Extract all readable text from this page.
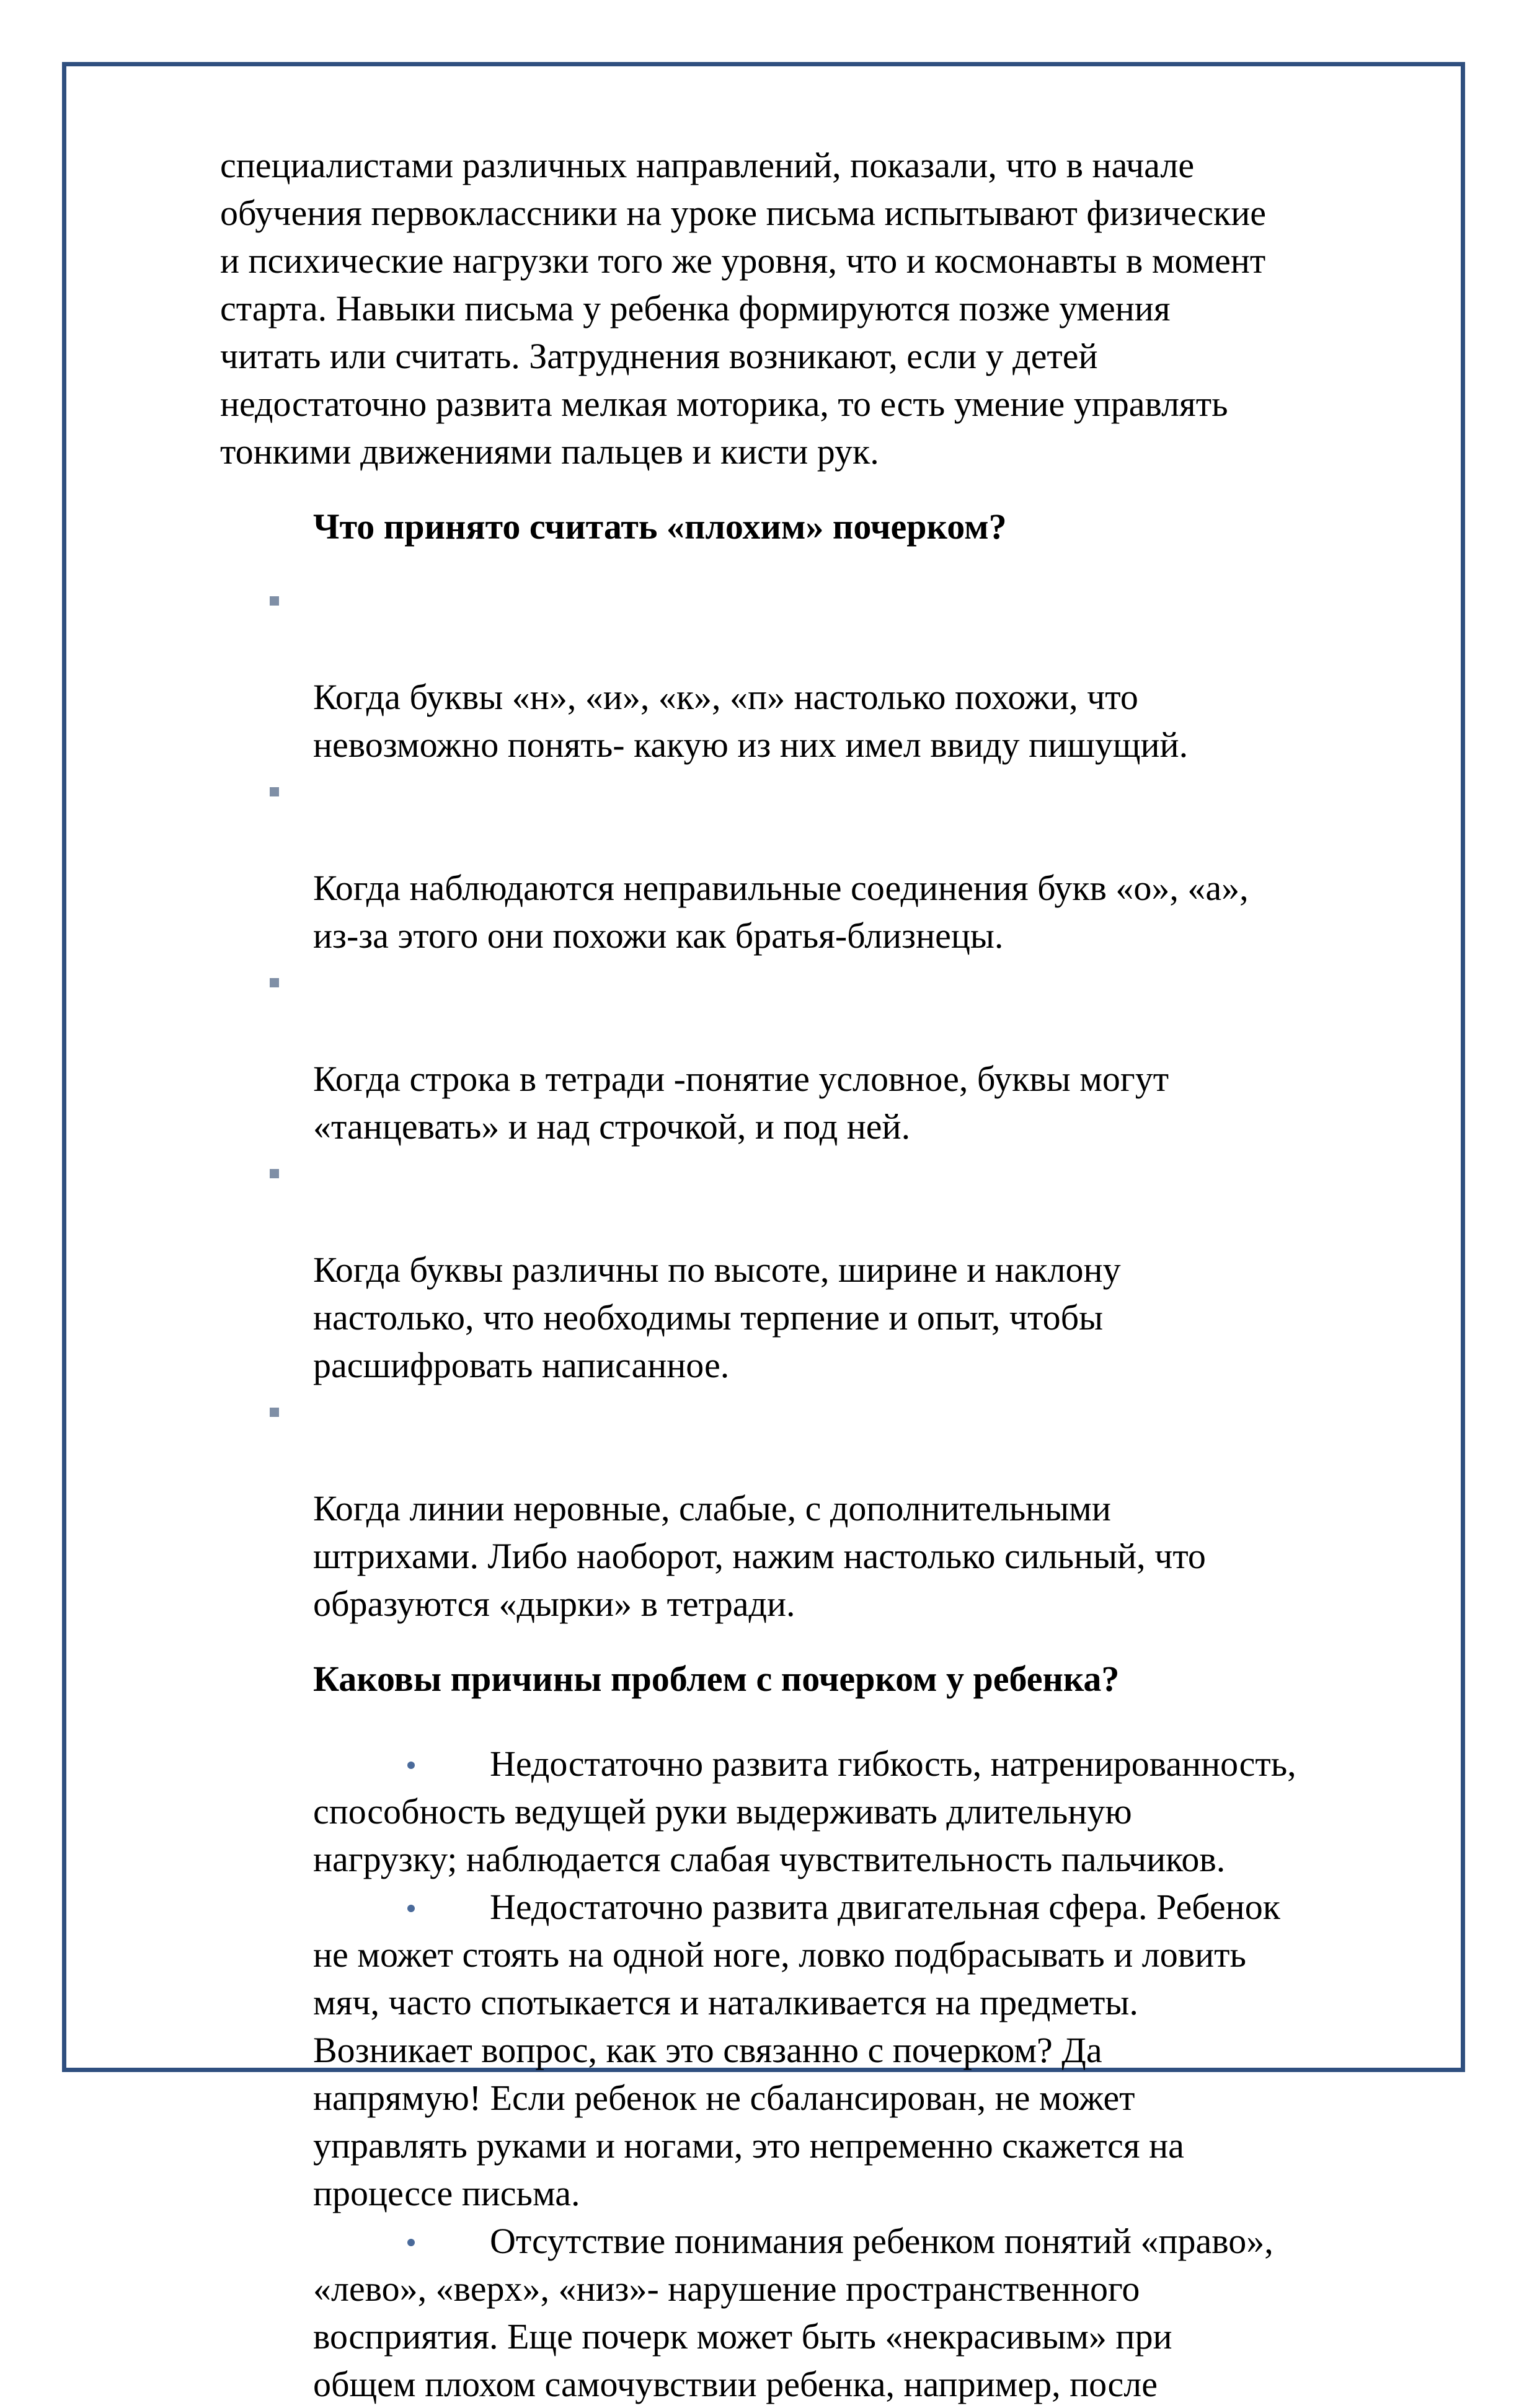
специалистами различных направлений, показали, что в начале
обучения первоклассники на уроке письма испытывают физические
и психические нагрузки того же уровня, что и космонавты в момент
старта. Навыки письма у ребенка формируются позже умения
читать или считать. Затруднения возникают, если у детей
недостаточно развита мелкая моторика, то есть умение управлять
тонкими движениями пальцев и кисти рук.

Что принято считать «плохим» почерком?

Когда буквы «н», «и», «к», «п» настолько похожи, что
невозможно понять- какую из них имел ввиду пишущий.

Когда наблюдаются неправильные соединения букв «о», «а»,
из-за этого они похожи как братья-близнецы.

Когда строка в тетради -понятие условное, буквы могут
«танцевать» и над строчкой, и под ней.

Когда буквы различны по высоте, ширине и наклону
настолько, что необходимы терпение и опыт, чтобы
расшифровать написанное.

Когда линии неровные, слабые, с дополнительными
штрихами. Либо наоборот, нажим настолько сильный, что
образуются «дырки» в тетради.

Каковы причины проблем с почерком у ребенка?

Недостаточно развита гибкость, натренированность,
способность ведущей руки выдерживать длительную
нагрузку; наблюдается слабая чувствительность пальчиков.
Недостаточно развита двигательная сфера. Ребенок
не может стоять на одной ноге, ловко подбрасывать и ловить
мяч, часто спотыкается и наталкивается на предметы.
Возникает вопрос, как это связанно с почерком? Да
напрямую! Если ребенок не сбалансирован, не может
управлять руками и ногами, это непременно скажется на
процессе письма.
Отсутствие понимания ребенком понятий «право»,
«лево», «верх», «низ»- нарушение пространственного
восприятия. Еще почерк может быть «некрасивым» при
общем плохом самочувствии ребенка, например, после
